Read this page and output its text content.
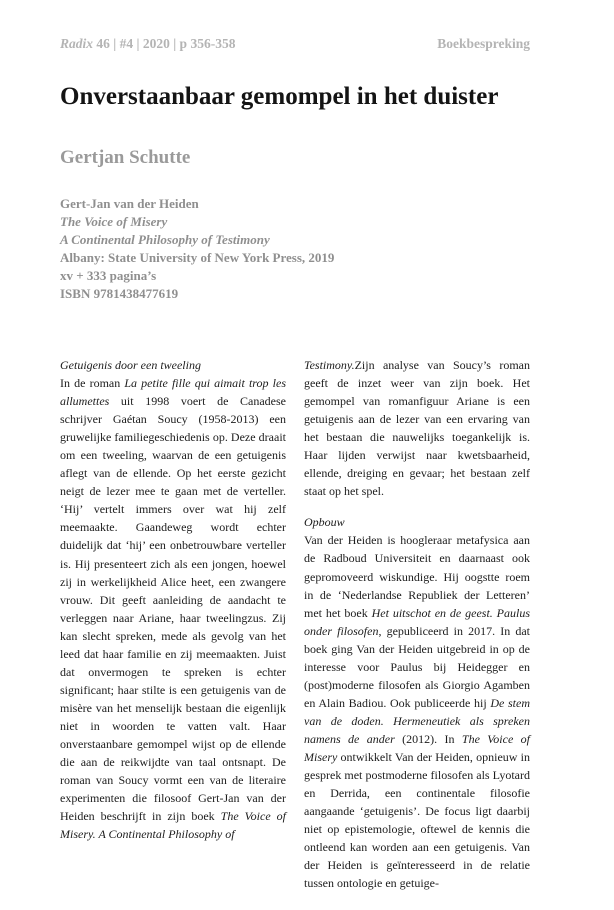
Radix 46 | #4 | 2020 | p 356-358	Boekbespreking
Onverstaanbaar gemompel in het duister
Gertjan Schutte
Gert-Jan van der Heiden
The Voice of Misery
A Continental Philosophy of Testimony
Albany: State University of New York Press, 2019
xv + 333 pagina’s
ISBN 9781438477619

Getuigenis door een tweeling

In de roman La petite fille qui aimait trop les allumettes uit 1998 voert de Canadese schrijver Gaétan Soucy (1958-2013) een gruwelijke familiegeschiedenis op. Deze draait om een tweeling, waarvan de een getuigenis aflegt van de ellende. Op het eerste gezicht neigt de lezer mee te gaan met de verteller. ‘Hij’ vertelt immers over wat hij zelf meemaakte. Gaandeweg wordt echter duidelijk dat ‘hij’ een onbetrouwbare verteller is. Hij presenteert zich als een jongen, hoewel zij in werkelijkheid Alice heet, een zwangere vrouw. Dit geeft aanleiding de aandacht te verleggen naar Ariane, haar tweelingzus. Zij kan slecht spreken, mede als gevolg van het leed dat haar familie en zij meemaakten. Juist dat onvermogen te spreken is echter significant; haar stilte is een getuigenis van de misère van het menselijk bestaan die eigenlijk niet in woorden te vatten valt. Haar onverstaanbare gemompel wijst op de ellende die aan de reikwijdte van taal ontsnapt. De roman van Soucy vormt een van de literaire experimenten die filosoof Gert-Jan van der Heiden beschrijft in zijn boek The Voice of Misery. A Continental Philosophy of

Testimony.Zijn analyse van Soucy’s roman geeft de inzet weer van zijn boek. Het gemompel van romanfiguur Ariane is een getuigenis aan de lezer van een ervaring van het bestaan die nauwelijks toegankelijk is. Haar lijden verwijst naar kwetsbaarheid, ellende, dreiging en gevaar; het bestaan zelf staat op het spel.

Opbouw

Van der Heiden is hoogleraar metafysica aan de Radboud Universiteit en daarnaast ook gepromoveerd wiskundige. Hij oogstte roem in de ‘Nederlandse Republiek der Letteren’ met het boek Het uitschot en de geest. Paulus onder filosofen, gepubliceerd in 2017. In dat boek ging Van der Heiden uitgebreid in op de interesse voor Paulus bij Heidegger en (post)moderne filosofen als Giorgio Agamben en Alain Badiou. Ook publiceerde hij De stem van de doden. Hermeneutiek als spreken namens de ander (2012). In The Voice of Misery ontwikkelt Van der Heiden, opnieuw in gesprek met postmoderne filosofen als Lyotard en Derrida, een continentale filosofie aangaande ‘getuigenis’. De focus ligt daarbij niet op epistemologie, oftewel de kennis die ontleend kan worden aan een getuigenis. Van der Heiden is geïnteresseerd in de relatie tussen ontologie en getuige-
